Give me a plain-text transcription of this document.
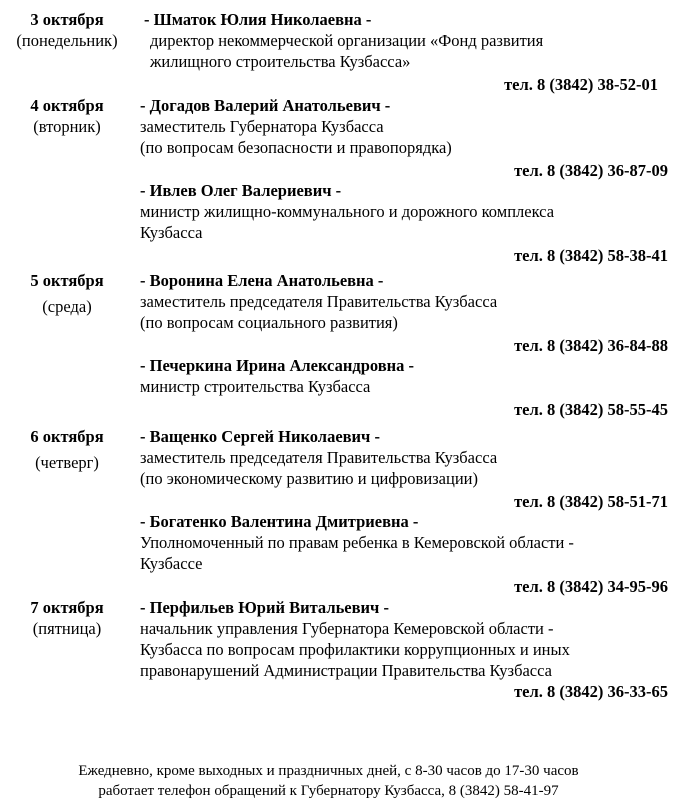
3 октября
(понедельник)
4 октября
(вторник)
5 октября
(среда)
6 октября
(четверг)
7 октября
(пятница)
- Шматок Юлия Николаевна -
директор некоммерческой организации «Фонд развития
жилищного строительства Кузбасса»
тел. 8 (3842) 38-52-01
- Догадов Валерий Анатольевич -
заместитель Губернатора Кузбасса
(по вопросам безопасности и правопорядка)
тел. 8 (3842) 36-87-09
- Ивлев Олег Валериевич -
министр жилищно-коммунального и дорожного комплекса
Кузбасса
тел. 8 (3842) 58-38-41
- Воронина Елена Анатольевна -
заместитель председателя Правительства Кузбасса
(по вопросам социального развития)
тел. 8 (3842) 36-84-88
- Печеркина Ирина Александровна -
министр строительства Кузбасса
тел. 8 (3842) 58-55-45
- Ващенко Сергей Николаевич -
заместитель председателя Правительства Кузбасса
(по экономическому развитию и цифровизации)
тел. 8 (3842) 58-51-71
- Богатенко Валентина Дмитриевна -
Уполномоченный по правам ребенка в Кемеровской области -
Кузбассе
тел. 8 (3842) 34-95-96
- Перфильев Юрий Витальевич -
начальник управления Губернатора Кемеровской области -
Кузбасса по вопросам профилактики коррупционных и иных
правонарушений Администрации Правительства Кузбасса
тел. 8 (3842) 36-33-65
Ежедневно, кроме выходных и праздничных дней, с 8-30 часов до 17-30 часов
работает телефон обращений к Губернатору Кузбасса, 8 (3842) 58-41-97
